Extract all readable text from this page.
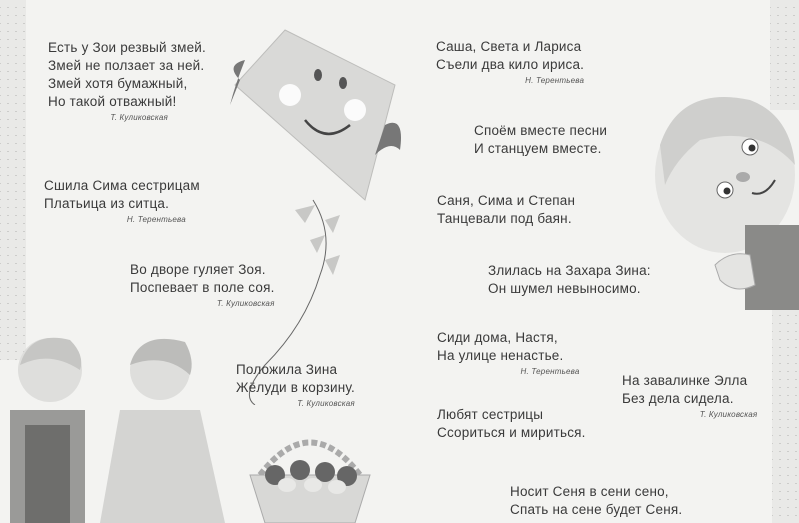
Есть у Зои резвый змей.
Змей не ползает за ней.
Змей хотя бумажный,
Но такой отважный!
Т. Куликовская
Сшила Сима сестрицам
Платьица из ситца.
Н. Терентьева
Во дворе гуляет Зоя.
Поспевает в поле соя.
Т. Куликовская
Положила Зина
Жёлуди в корзину.
Т. Куликовская
Саша, Света и Лариса
Съели два кило ириса.
Н. Терентьева
Споём вместе песни
И станцуем вместе.
Саня, Сима и Степан
Танцевали под баян.
Злилась на Захара Зина:
Он шумел невыносимо.
Сиди дома, Настя,
На улице ненастье.
Н. Терентьева
На завалинке Элла
Без дела сидела.
Т. Куликовская
Любят сестрицы
Ссориться и мириться.
Носит Сеня в сени сено,
Спать на сене будет Сеня.
